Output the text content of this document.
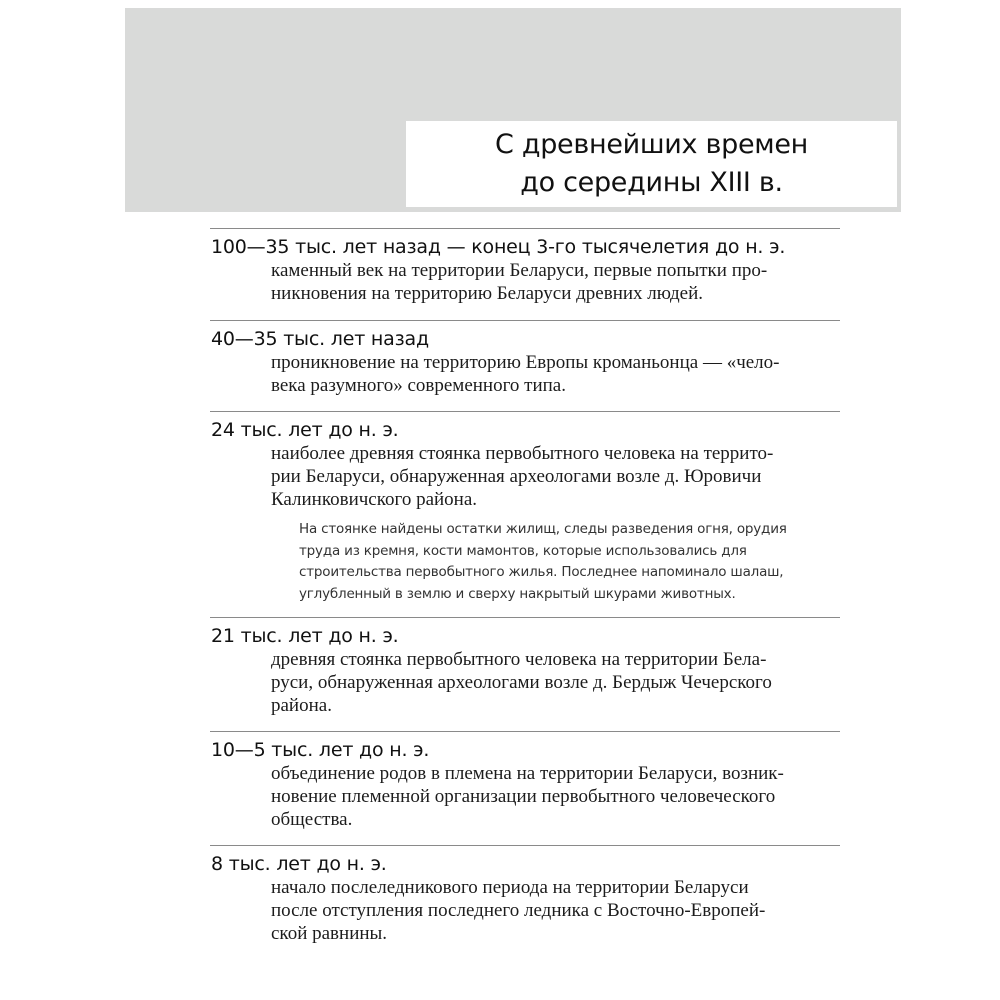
С древнейших времен
до середины XIII в.
100—35 тыс. лет назад — конец 3-го тысячелетия до н. э.
каменный век на территории Беларуси, первые попытки про-
никновения на территорию Беларуси древних людей.
40—35 тыс. лет назад
проникновение на территорию Европы кроманьонца — «чело-
века разумного» современного типа.
24 тыс. лет до н. э.
наиболее древняя стоянка первобытного человека на террито-
рии Беларуси, обнаруженная археологами возле д. Юровичи
Калинковичского района.
На стоянке найдены остатки жилищ, следы разведения огня, орудия
труда из кремня, кости мамонтов, которые использовались для
строительства первобытного жилья. Последнее напоминало шалаш,
углубленный в землю и сверху накрытый шкурами животных.
21 тыс. лет до н. э.
древняя стоянка первобытного человека на территории Бела-
руси, обнаруженная археологами возле д. Бердыж Чечерского
района.
10—5 тыс. лет до н. э.
объединение родов в племена на территории Беларуси, возник-
новение племенной организации первобытного человеческого
общества.
8 тыс. лет до н. э.
начало послеледникового периода на территории Беларуси
после отступления последнего ледника с Восточно-Европей-
ской равнины.
